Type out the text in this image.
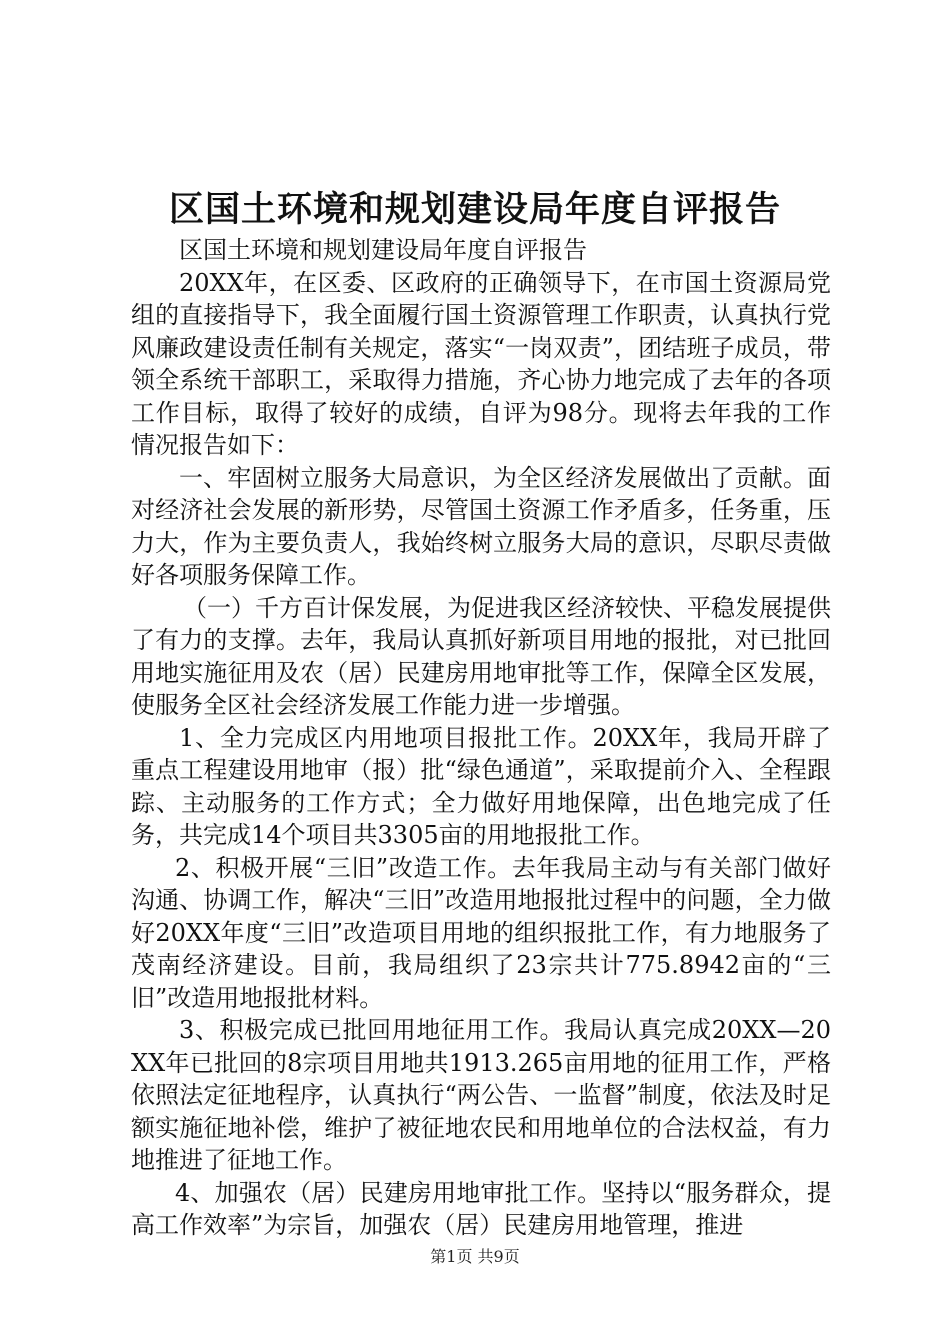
区国土环境和规划建设局年度自评报告

区国土环境和规划建设局年度自评报告

20XX年，在区委、区政府的正确领导下，在市国土资源局党组的直接指导下，我全面履行国土资源管理工作职责，认真执行党风廉政建设责任制有关规定，落实“一岗双责”，团结班子成员，带领全系统干部职工，采取得力措施，齐心协力地完成了去年的各项工作目标，取得了较好的成绩，自评为98分。现将去年我的工作情况报告如下：

一、牢固树立服务大局意识，为全区经济发展做出了贡献。面对经济社会发展的新形势，尽管国土资源工作矛盾多，任务重，压力大，作为主要负责人，我始终树立服务大局的意识，尽职尽责做好各项服务保障工作。

（一）千方百计保发展，为促进我区经济较快、平稳发展提供了有力的支撑。去年，我局认真抓好新项目用地的报批，对已批回用地实施征用及农（居）民建房用地审批等工作，保障全区发展，使服务全区社会经济发展工作能力进一步增强。

1、全力完成区内用地项目报批工作。20XX年，我局开辟了重点工程建设用地审（报）批“绿色通道”，采取提前介入、全程跟踪、主动服务的工作方式；全力做好用地保障，出色地完成了任务，共完成14个项目共3305亩的用地报批工作。

2、积极开展“三旧”改造工作。去年我局主动与有关部门做好沟通、协调工作，解决“三旧”改造用地报批过程中的问题，全力做好20XX年度“三旧”改造项目用地的组织报批工作，有力地服务了茂南经济建设。目前，我局组织了23宗共计775.8942亩的“三旧”改造用地报批材料。

3、积极完成已批回用地征用工作。我局认真完成20XX—20XX年已批回的8宗项目用地共1913.265亩用地的征用工作，严格依照法定征地程序，认真执行“两公告、一监督”制度，依法及时足额实施征地补偿，维护了被征地农民和用地单位的合法权益，有力地推进了征地工作。

4、加强农（居）民建房用地审批工作。坚持以“服务群众，提高工作效率”为宗旨，加强农（居）民建房用地管理，推进

第1页 共9页
